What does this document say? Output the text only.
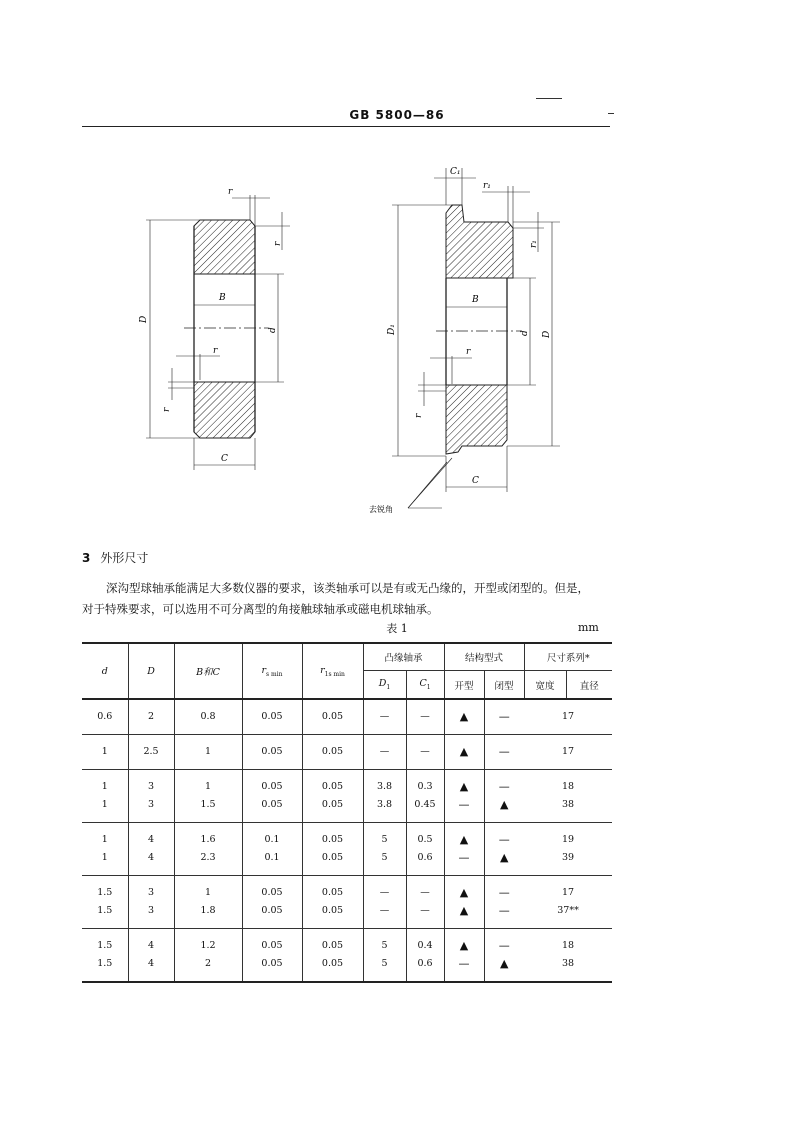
GB 5800—86
D
d
B
C
r
r
r
r
C₁
r₁
r₁
D₁	D
d
B
C
r
r
去锐角
3 外形尺寸
深沟型球轴承能满足大多数仪器的要求，该类轴承可以是有或无凸缘的，开型或闭型的。但是，
对于特殊要求，可以选用不可分离型的角接触球轴承或磁电机球轴承。
表 1	mm
d	D	B和C	$r_{s min}$	$r_{1s min}$	凸缘轴承		结构型式		尺寸系列*	
					$D_1$	$C_1$	开型	闭型	宽度	直径
0.6	2	0.8	0.05	0.05	—	—	▲	—	17	
1	2.5	1	0.05	0.05	—	—	▲	—	17	
1	3	1	0.05	0.05	3.8	0.3	▲	—	18	
1	3	1.5	0.05	0.05	3.8	0.45	—	▲	38	
1	4	1.6	0.1	0.05	5	0.5	▲	—	19	
1	4	2.3	0.1	0.05	5	0.6	—	▲	39	
1.5	3	1	0.05	0.05	—	—	▲	—	17	
1.5	3	1.8	0.05	0.05	—	—	▲	—	37**	
1.5	4	1.2	0.05	0.05	5	0.4	▲	—	18	
1.5	4	2	0.05	0.05	5	0.6	—	▲	38	
